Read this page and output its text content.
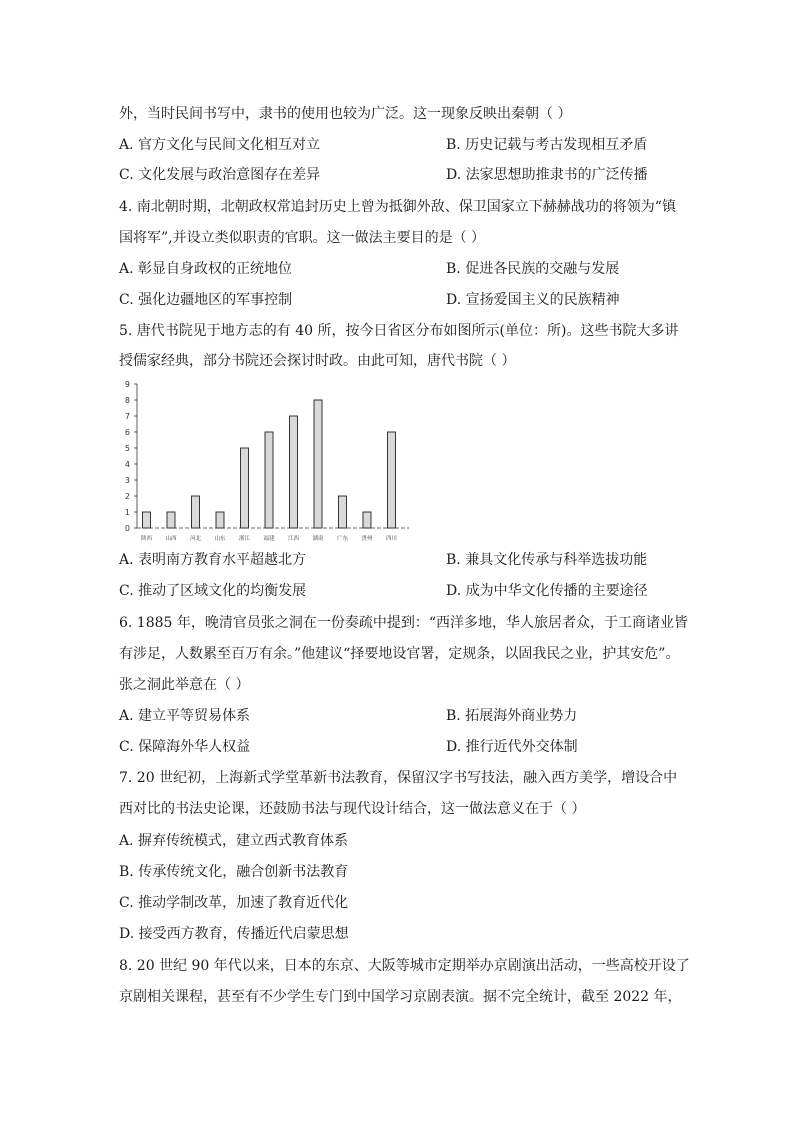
外，当时民间书写中，隶书的使用也较为广泛。这一现象反映出秦朝（ ）
A. 官方文化与民间文化相互对立	B. 历史记载与考古发现相互矛盾
C. 文化发展与政治意图存在差异	D. 法家思想助推隶书的广泛传播
4. 南北朝时期，北朝政权常追封历史上曾为抵御外敌、保卫国家立下赫赫战功的将领为“镇
国将军”,并设立类似职责的官职。这一做法主要目的是（ ）
A. 彰显自身政权的正统地位	B. 促进各民族的交融与发展
C. 强化边疆地区的军事控制	D. 宣扬爱国主义的民族精神
5. 唐代书院见于地方志的有 40 所，按今日省区分布如图所示(单位：所)。这些书院大多讲
授儒家经典，部分书院还会探讨时政。由此可知，唐代书院（ ）
0
1
2
3
4
5
6
7
8
9
陕西 山西 河北 山东 浙江 福建 江西 湖南 广东 贵州 四川
A. 表明南方教育水平超越北方	B. 兼具文化传承与科举选拔功能
C. 推动了区域文化的均衡发展	D. 成为中华文化传播的主要途径
6. 1885 年，晚清官员张之洞在一份奏疏中提到：“西洋多地，华人旅居者众，于工商诸业皆
有涉足，人数累至百万有余。”他建议“择要地设官署，定规条，以固我民之业，护其安危”。
张之洞此举意在（ ）
A. 建立平等贸易体系	B. 拓展海外商业势力
C. 保障海外华人权益	D. 推行近代外交体制
7. 20 世纪初，上海新式学堂革新书法教育，保留汉字书写技法，融入西方美学，增设合中
西对比的书法史论课，还鼓励书法与现代设计结合，这一做法意义在于（ ）
A. 摒弃传统模式，建立西式教育体系
B. 传承传统文化，融合创新书法教育
C. 推动学制改革，加速了教育近代化
D. 接受西方教育，传播近代启蒙思想
8. 20 世纪 90 年代以来，日本的东京、大阪等城市定期举办京剧演出活动，一些高校开设了
京剧相关课程，甚至有不少学生专门到中国学习京剧表演。据不完全统计，截至 2022 年，
